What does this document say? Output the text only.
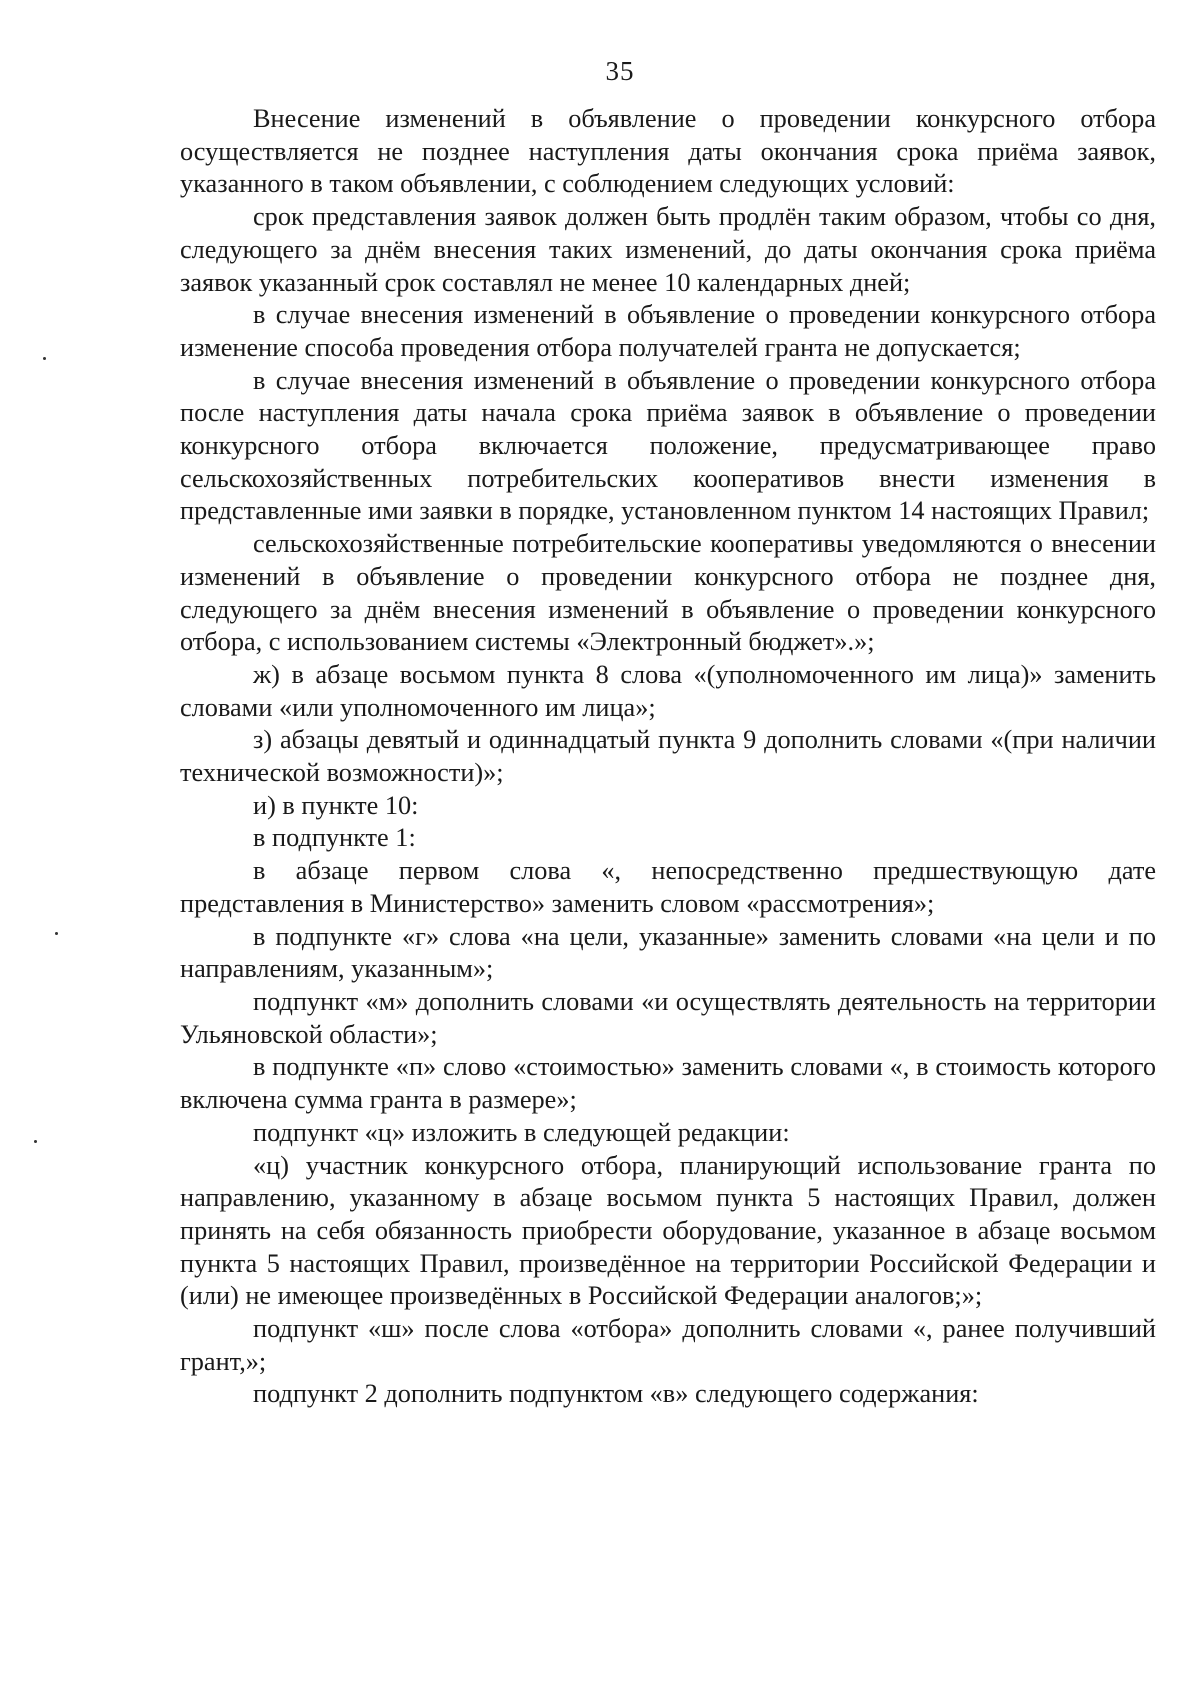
35

Внесение изменений в объявление о проведении конкурсного отбора осуществляется не позднее наступления даты окончания срока приёма заявок, указанного в таком объявлении, с соблюдением следующих условий:

срок представления заявок должен быть продлён таким образом, чтобы со дня, следующего за днём внесения таких изменений, до даты окончания срока приёма заявок указанный срок составлял не менее 10 календарных дней;

в случае внесения изменений в объявление о проведении конкурсного отбора изменение способа проведения отбора получателей гранта не допускается;

в случае внесения изменений в объявление о проведении конкурсного отбора после наступления даты начала срока приёма заявок в объявление о проведении конкурсного отбора включается положение, предусматривающее право сельскохозяйственных потребительских кооперативов внести изменения в представленные ими заявки в порядке, установленном пунктом 14 настоящих Правил;

сельскохозяйственные потребительские кооперативы уведомляются о внесении изменений в объявление о проведении конкурсного отбора не позднее дня, следующего за днём внесения изменений в объявление о проведении конкурсного отбора, с использованием системы «Электронный бюджет».»;

ж) в абзаце восьмом пункта 8 слова «(уполномоченного им лица)» заменить словами «или уполномоченного им лица»;

з) абзацы девятый и одиннадцатый пункта 9 дополнить словами «(при наличии технической возможности)»;

и) в пункте 10:

в подпункте 1:

в абзаце первом слова «, непосредственно предшествующую дате представления в Министерство» заменить словом «рассмотрения»;

в подпункте «г» слова «на цели, указанные» заменить словами «на цели и по направлениям, указанным»;

подпункт «м» дополнить словами «и осуществлять деятельность на территории Ульяновской области»;

в подпункте «п» слово «стоимостью» заменить словами «, в стоимость которого включена сумма гранта в размере»;

подпункт «ц» изложить в следующей редакции:

«ц) участник конкурсного отбора, планирующий использование гранта по направлению, указанному в абзаце восьмом пункта 5 настоящих Правил, должен принять на себя обязанность приобрести оборудование, указанное в абзаце восьмом пункта 5 настоящих Правил, произведённое на территории Российской Федерации и (или) не имеющее произведённых в Российской Федерации аналогов;»;

подпункт «ш» после слова «отбора» дополнить словами «, ранее получивший грант,»;

подпункт 2 дополнить подпунктом «в» следующего содержания:
